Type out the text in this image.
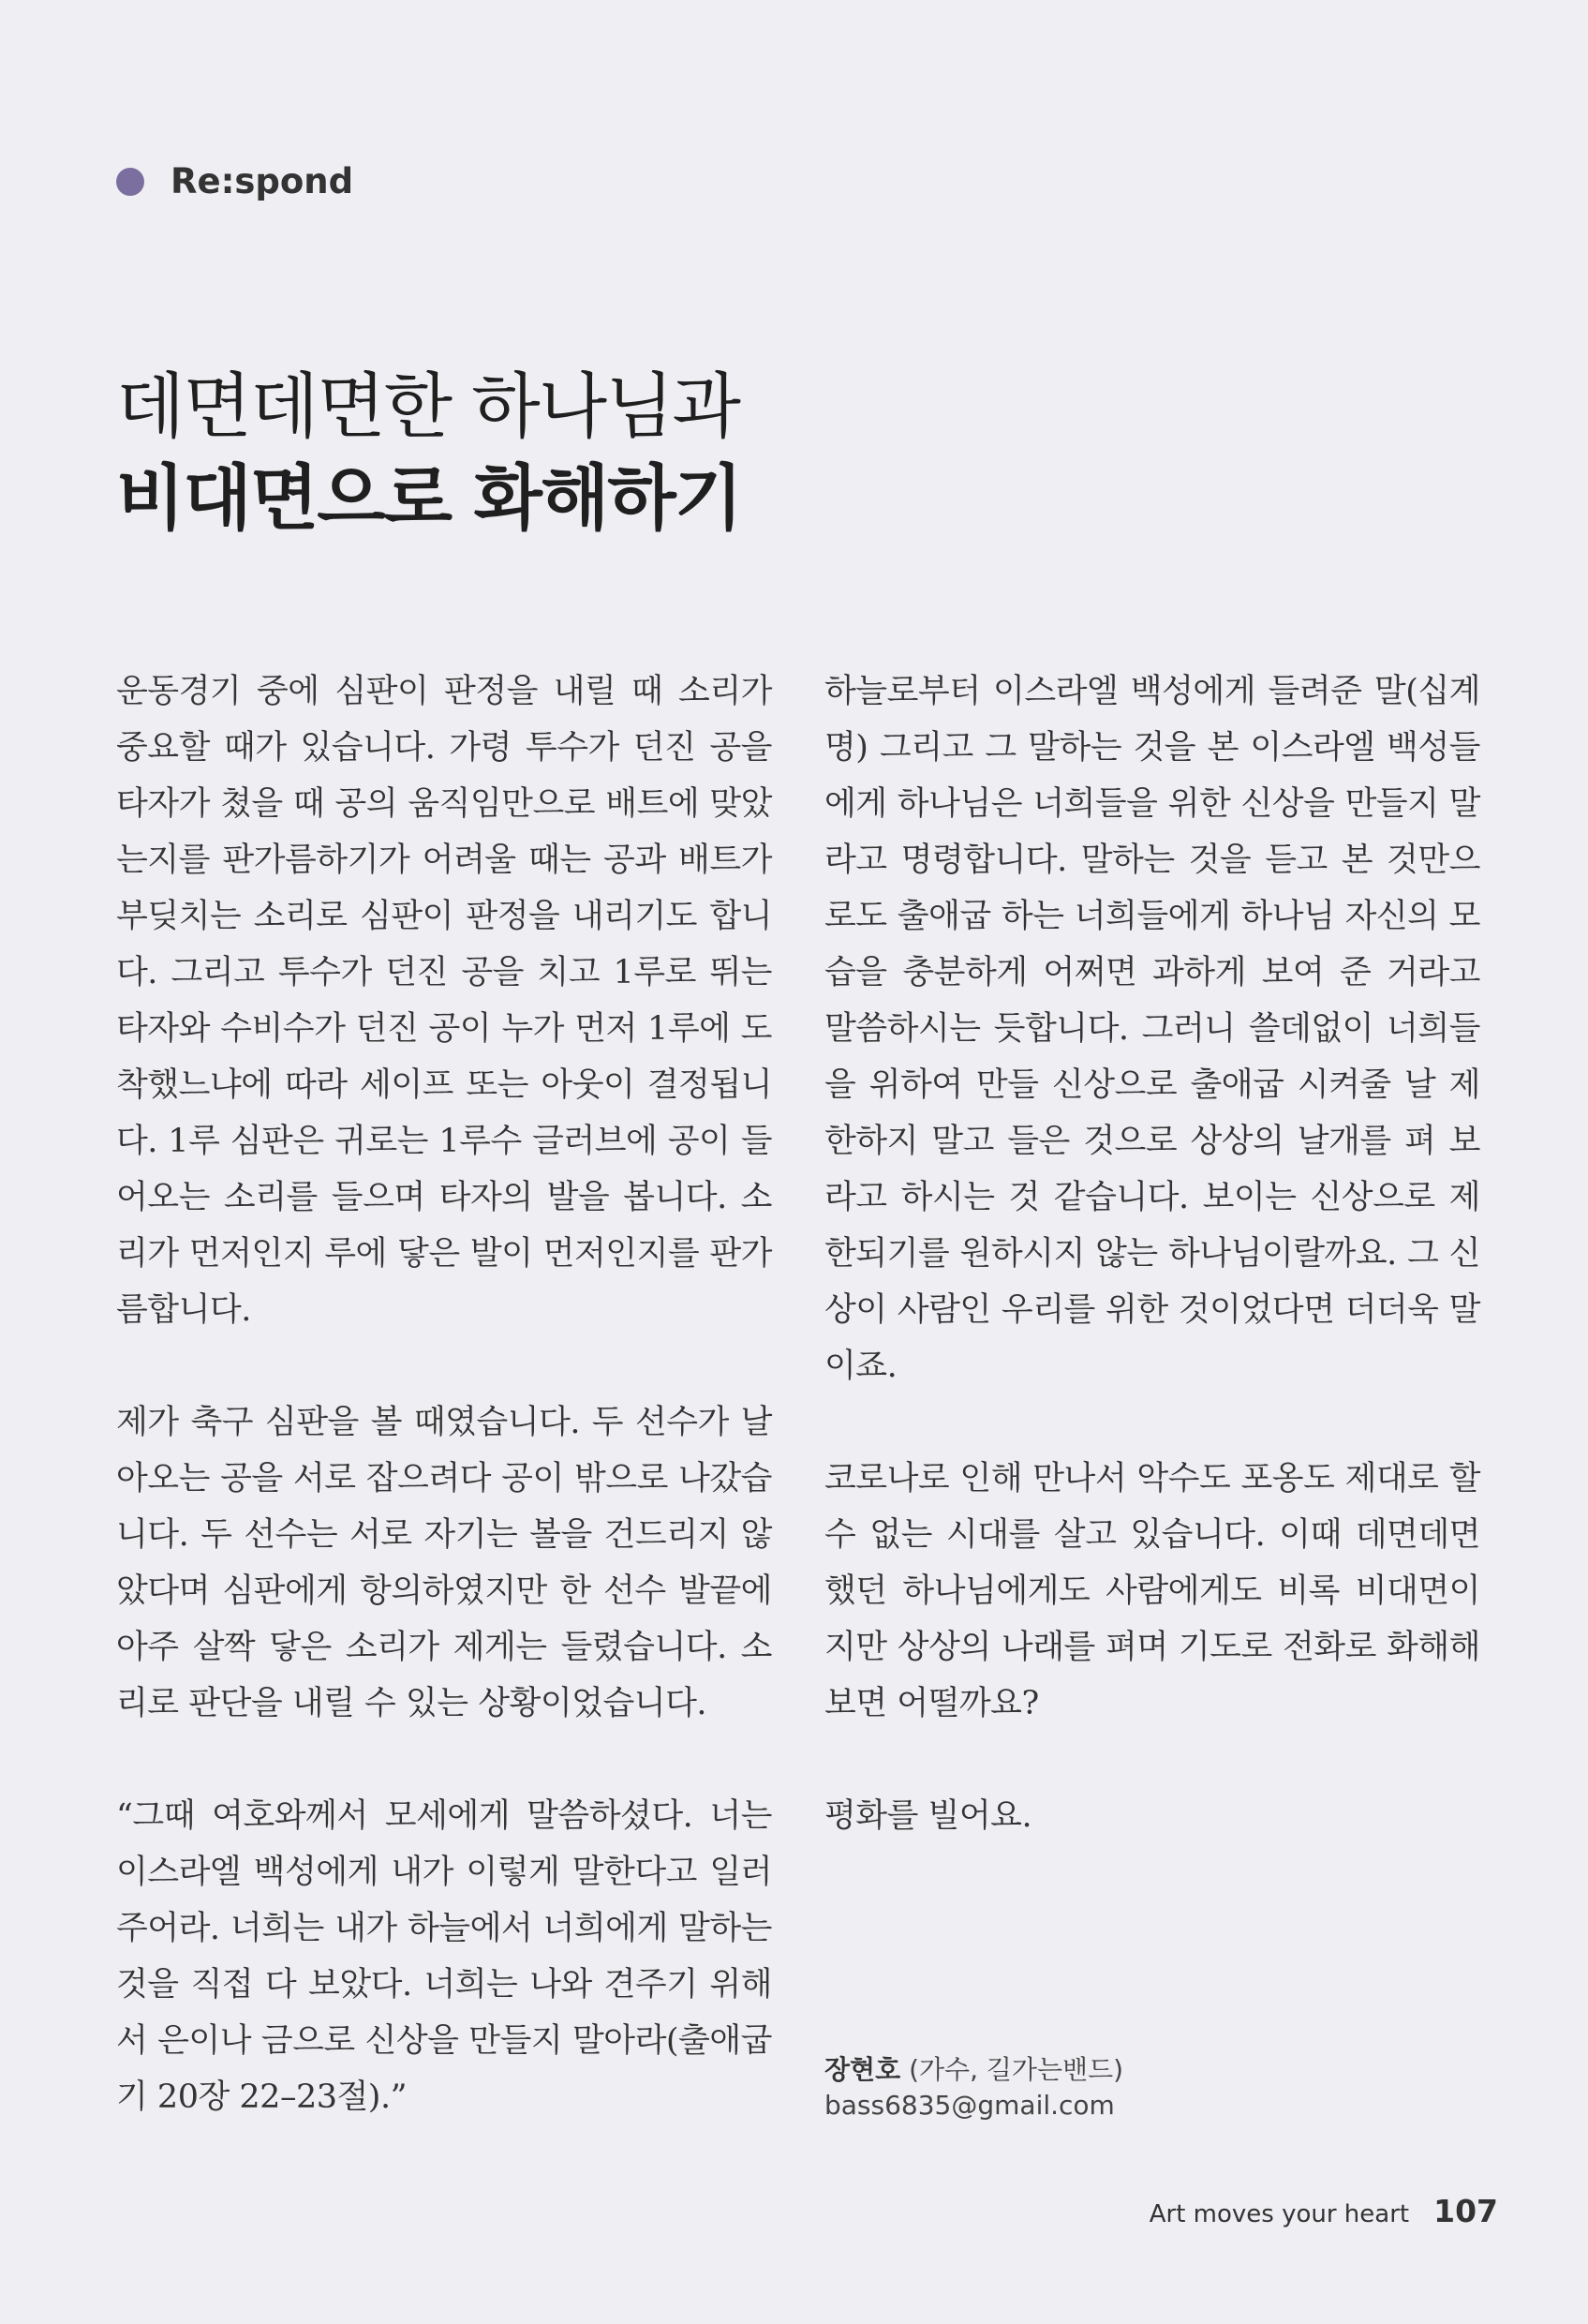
Re:spond
데면데면한 하나님과
비대면으로 화해하기

운동경기 중에 심판이 판정을 내릴 때 소리가 중요할 때가 있습니다. 가령 투수가 던진 공을 타자가 쳤을 때 공의 움직임만으로 배트에 맞았는지를 판가름하기가 어려울 때는 공과 배트가 부딪치는 소리로 심판이 판정을 내리기도 합니다. 그리고 투수가 던진 공을 치고 1루로 뛰는 타자와 수비수가 던진 공이 누가 먼저 1루에 도착했느냐에 따라 세이프 또는 아웃이 결정됩니다. 1루 심판은 귀로는 1루수 글러브에 공이 들어오는 소리를 들으며 타자의 발을 봅니다. 소리가 먼저인지 루에 닿은 발이 먼저인지를 판가름합니다.

제가 축구 심판을 볼 때였습니다. 두 선수가 날아오는 공을 서로 잡으려다 공이 밖으로 나갔습니다. 두 선수는 서로 자기는 볼을 건드리지 않았다며 심판에게 항의하였지만 한 선수 발끝에 아주 살짝 닿은 소리가 제게는 들렸습니다. 소리로 판단을 내릴 수 있는 상황이었습니다.

“그때 여호와께서 모세에게 말씀하셨다. 너는 이스라엘 백성에게 내가 이렇게 말한다고 일러 주어라. 너희는 내가 하늘에서 너희에게 말하는 것을 직접 다 보았다. 너희는 나와 견주기 위해서 은이나 금으로 신상을 만들지 말아라(출애굽기 20장 22–23절).”

하늘로부터 이스라엘 백성에게 들려준 말(십계명) 그리고 그 말하는 것을 본 이스라엘 백성들에게 하나님은 너희들을 위한 신상을 만들지 말라고 명령합니다. 말하는 것을 듣고 본 것만으로도 출애굽 하는 너희들에게 하나님 자신의 모습을 충분하게 어쩌면 과하게 보여 준 거라고 말씀하시는 듯합니다. 그러니 쓸데없이 너희들을 위하여 만들 신상으로 출애굽 시켜줄 날 제한하지 말고 들은 것으로 상상의 날개를 펴 보라고 하시는 것 같습니다. 보이는 신상으로 제한되기를 원하시지 않는 하나님이랄까요. 그 신상이 사람인 우리를 위한 것이었다면 더더욱 말이죠.

코로나로 인해 만나서 악수도 포옹도 제대로 할 수 없는 시대를 살고 있습니다. 이때 데면데면했던 하나님에게도 사람에게도 비록 비대면이지만 상상의 나래를 펴며 기도로 전화로 화해해 보면 어떨까요?

평화를 빌어요.

장현호 (가수, 길가는밴드)
bass6835@gmail.com
Art moves your heart 107
